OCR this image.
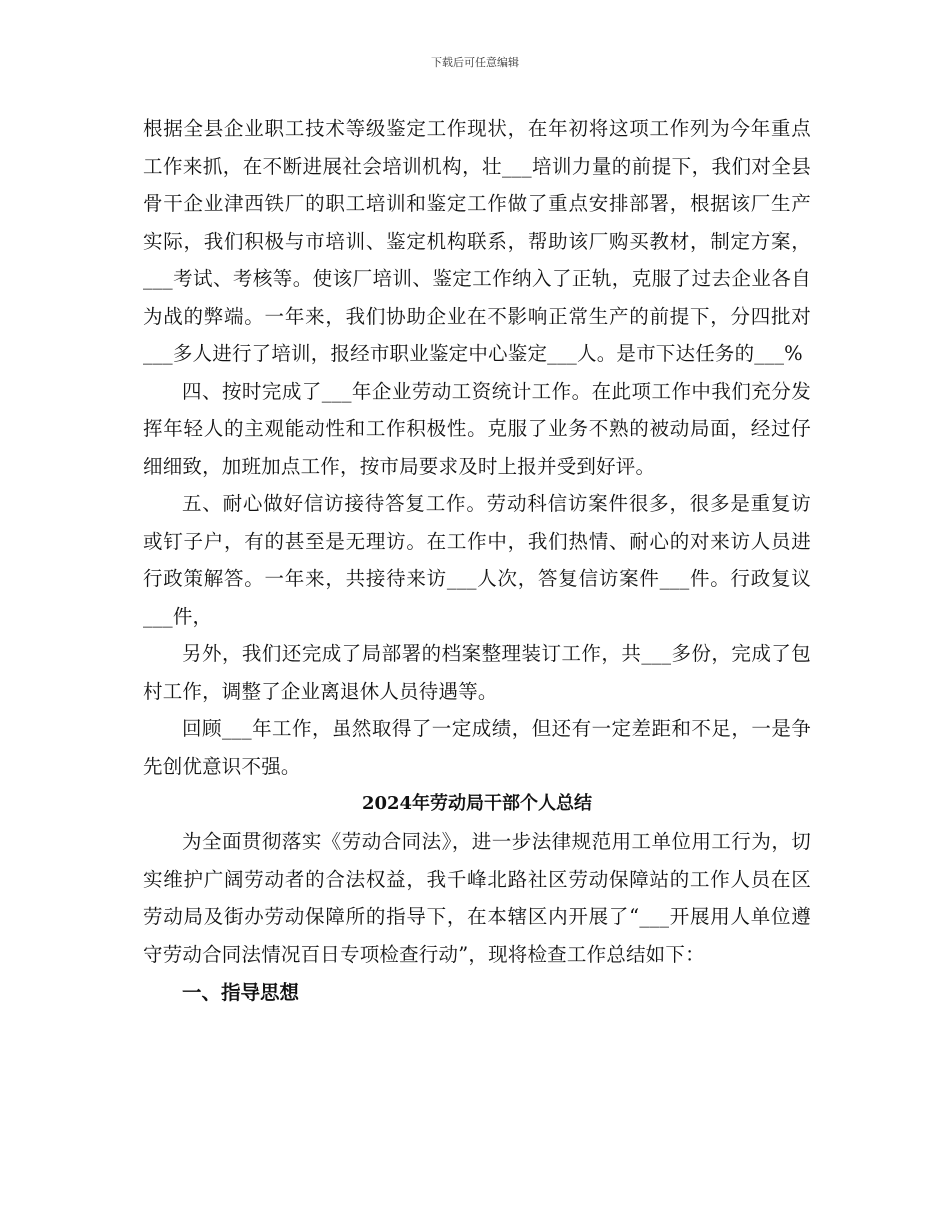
下载后可任意编辑

根据全县企业职工技术等级鉴定工作现状，在年初将这项工作列为今年重点工作来抓，在不断进展社会培训机构，壮___培训力量的前提下，我们对全县骨干企业津西铁厂的职工培训和鉴定工作做了重点安排部署，根据该厂生产实际，我们积极与市培训、鉴定机构联系，帮助该厂购买教材，制定方案，___考试、考核等。使该厂培训、鉴定工作纳入了正轨，克服了过去企业各自为战的弊端。一年来，我们协助企业在不影响正常生产的前提下，分四批对___多人进行了培训，报经市职业鉴定中心鉴定___人。是市下达任务的___%

四、按时完成了___年企业劳动工资统计工作。在此项工作中我们充分发挥年轻人的主观能动性和工作积极性。克服了业务不熟的被动局面，经过仔细细致，加班加点工作，按市局要求及时上报并受到好评。

五、耐心做好信访接待答复工作。劳动科信访案件很多，很多是重复访或钉子户，有的甚至是无理访。在工作中，我们热情、耐心的对来访人员进行政策解答。一年来，共接待来访___人次，答复信访案件___件。行政复议___件，

另外，我们还完成了局部署的档案整理装订工作，共___多份，完成了包村工作，调整了企业离退休人员待遇等。

回顾___年工作，虽然取得了一定成绩，但还有一定差距和不足，一是争先创优意识不强。

2024年劳动局干部个人总结

为全面贯彻落实《劳动合同法》，进一步法律规范用工单位用工行为，切实维护广阔劳动者的合法权益，我千峰北路社区劳动保障站的工作人员在区劳动局及街办劳动保障所的指导下，在本辖区内开展了“___开展用人单位遵守劳动合同法情况百日专项检查行动”，现将检查工作总结如下：

一、指导思想
